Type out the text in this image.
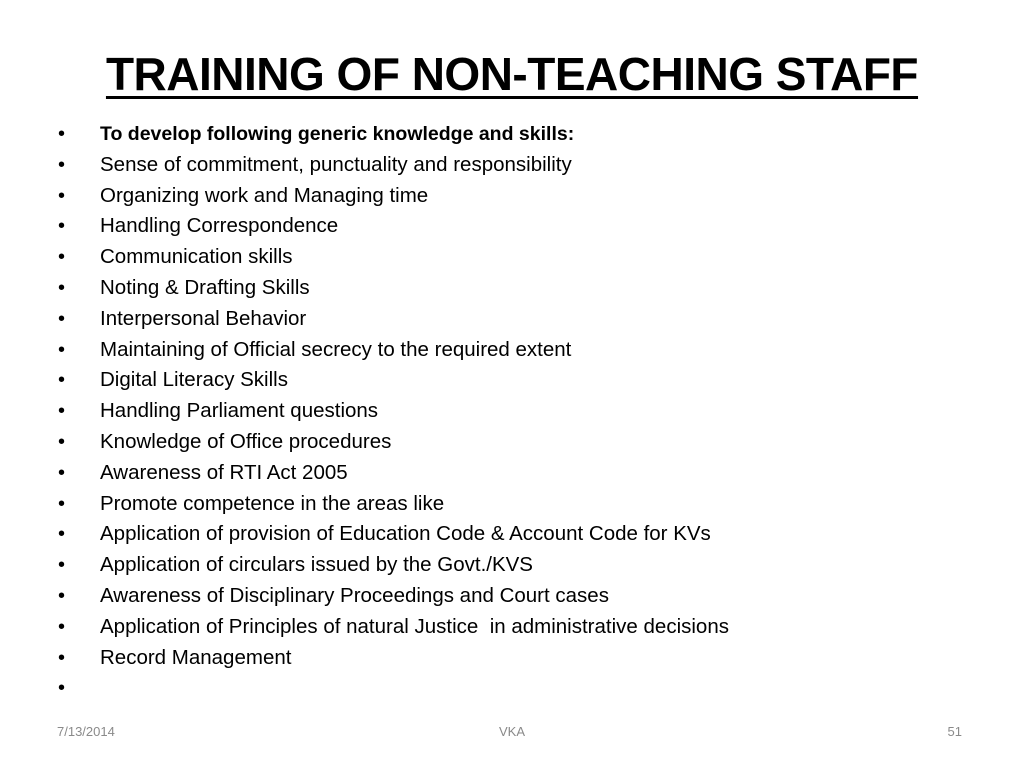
TRAINING OF NON-TEACHING STAFF
• To develop following generic knowledge and skills:
• Sense of commitment, punctuality and responsibility
• Organizing work and Managing time
• Handling Correspondence
• Communication skills
• Noting & Drafting Skills
• Interpersonal Behavior
• Maintaining of Official secrecy to the required extent
• Digital Literacy Skills
• Handling Parliament questions
• Knowledge of Office procedures
• Awareness of RTI Act 2005
• Promote competence in the areas like
• Application of provision of Education Code & Account Code for KVs
• Application of circulars issued by the Govt./KVS
• Awareness of Disciplinary Proceedings and Court cases
• Application of Principles of natural Justice  in administrative decisions
• Record Management
•
7/13/2014	VKA	51
